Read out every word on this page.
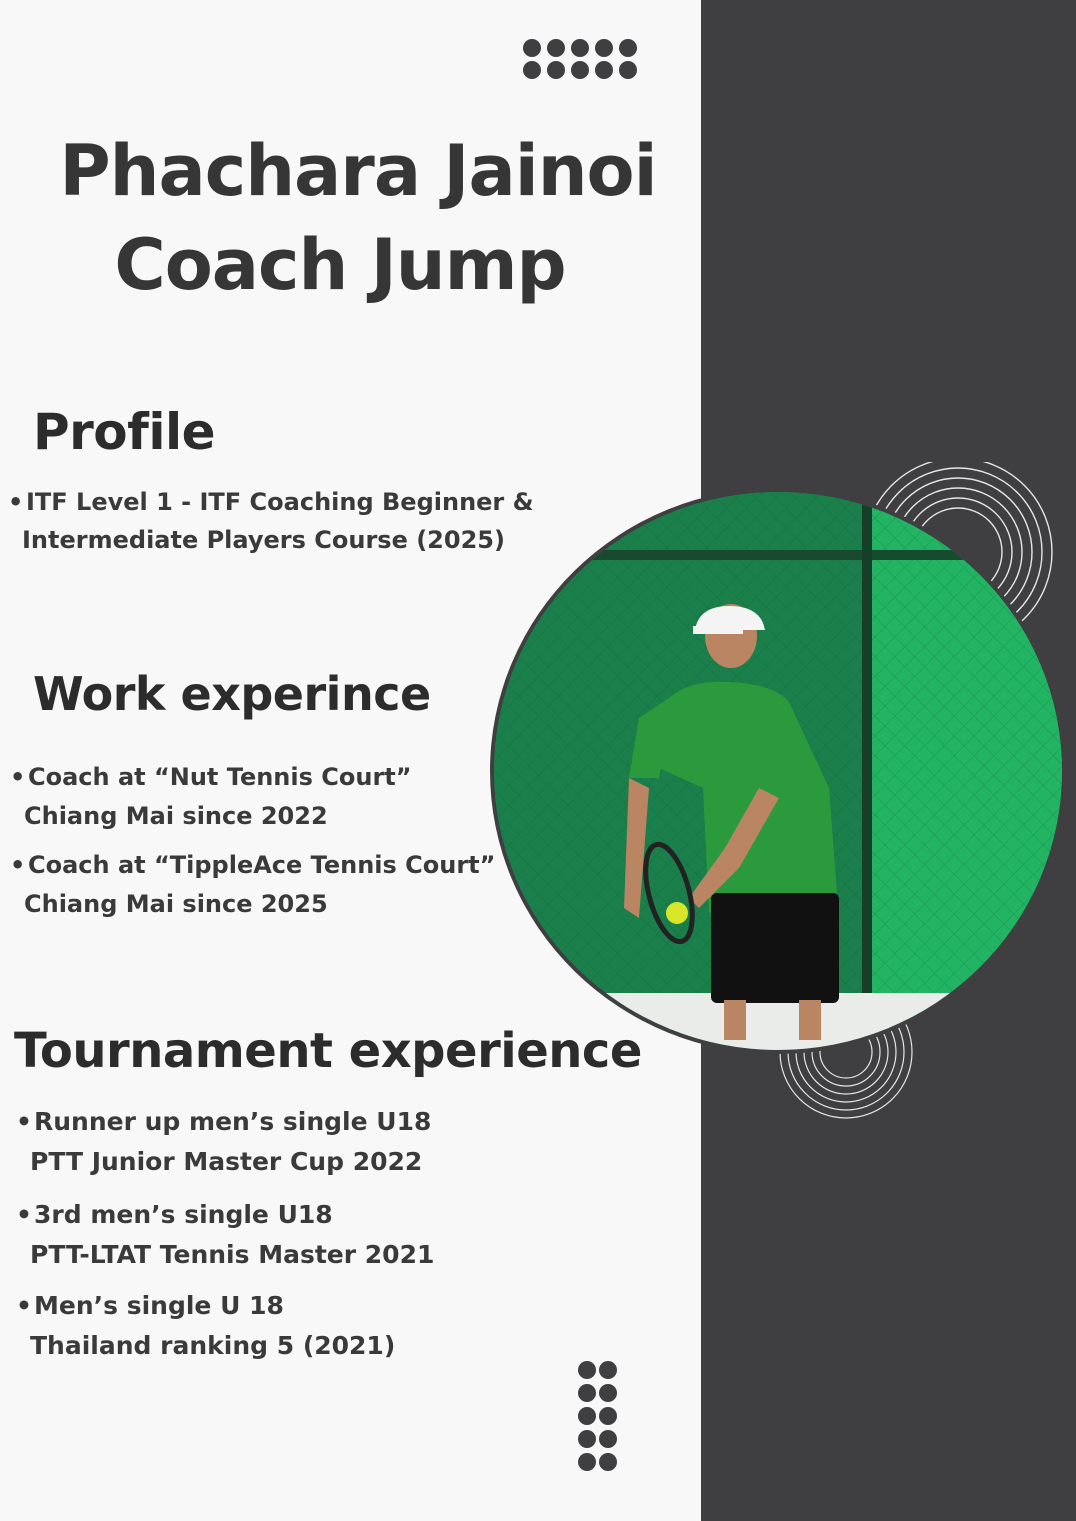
Phachara Jainoi
Coach Jump
Profile
• ITF Level 1 - ITF Coaching Beginner &
Intermediate Players Course (2025)
Work experince
• Coach at “Nut Tennis Court”
Chiang Mai since 2022
• Coach at “TippleAce Tennis Court”
Chiang Mai since 2025
Tournament experience
• Runner up men’s single U18
PTT Junior Master Cup 2022
• 3rd men’s single U18
PTT-LTAT Tennis Master 2021
• Men’s single U 18
Thailand ranking 5 (2021)
